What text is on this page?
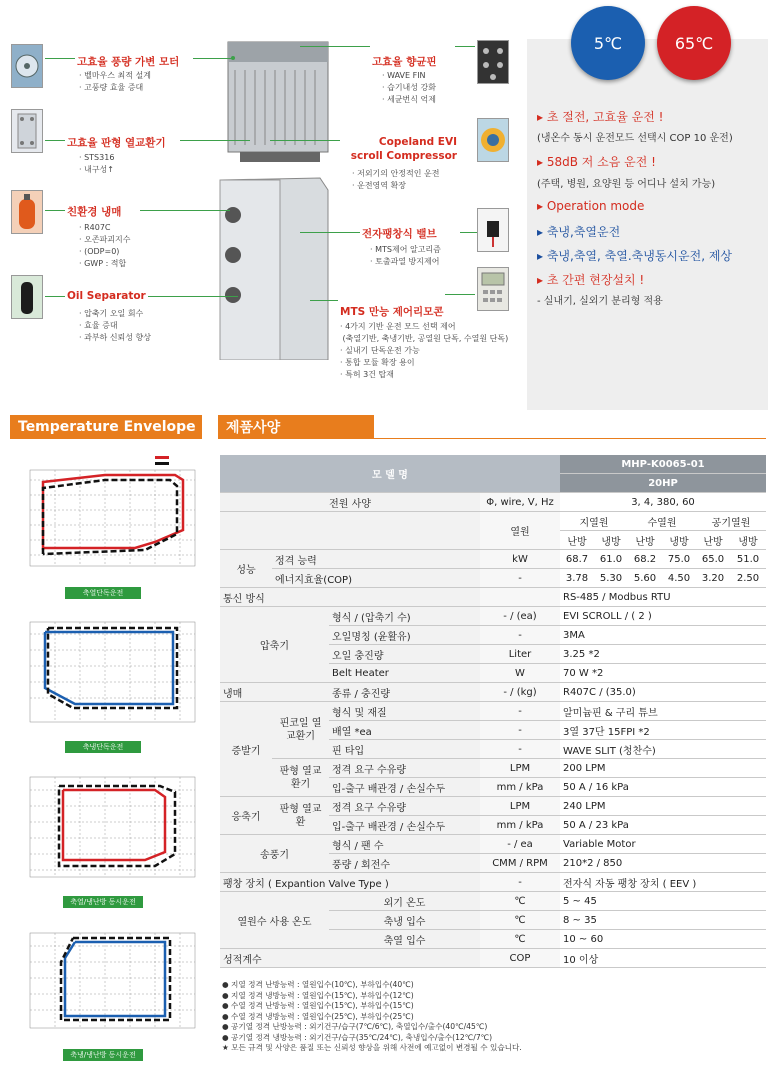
고효율 풍량 가변 모터
· 벨마우스 최적 설계
· 고풍량 효율 증대
고효율 판형 열교환기
· STS316
· 내구성↑
친환경 냉매
· R407C
· 오존파괴지수
· (ODP=0)
· GWP : 적합
Oil Separator
· 압축기 오일 회수
· 효율 증대
· 과부하 신뢰성 향상
고효율 향균핀
· WAVE FIN
· 습기내성 강화
· 세균번식 억제
Copeland EVI scroll Compressor
· 저외기의 안정적인 운전
· 운전영역 확장
전자팽창식 밸브
· MTS제어 알고리즘
· 토출과열 방지제어
MTS 만능 제어리모콘
· 4가지 기반 운전 모드 선택 제어
(축열기반, 축냉기반, 공열원 단독, 수열원 단독)
· 실내기 단독운전 가능
· 통합 모듈 확장 용이
· 특허 3건 탑재
5℃	65℃
▸ 초 절전, 고효율 운전 !
(냉온수 동시 운전모드 선택시 COP 10 운전)
▸ 58dB 저 소음 운전 !
(주택, 병원, 요양원 등 어디나 설치 가능)
▸ Operation mode
▸ 축냉,축열운전
▸ 축냉,축열, 축열.축냉동시운전, 제상
▸ 초 간편 현장설치 !
- 실내기, 실외기 분리형 적용
Temperature Envelope	제품사양
축열단독운전
축냉단독운전
축열/냉난방 동시운전
축냉/냉난방 동시운전
모 델 명				MHP-K0065-01					
				20HP					
전원 사양			Φ, wire, V, Hz	3, 4, 380, 60					
			열원	지열원		수열원		공기열원	
				난방	냉방	난방	냉방	난방	냉방
성능	정격 능력		kW	68.7	61.0	68.2	75.0	65.0	51.0
	에너지효율(COP)		-	3.78	5.30	5.60	4.50	3.20	2.50
통신 방식				RS-485 / Modbus RTU					
압축기		형식 / (압축기 수)	- / (ea)	EVI SCROLL / ( 2 )					
		오일명칭 (윤활유)	-	3MA					
		오일 충진량	Liter	3.25 *2					
		Belt Heater	W	70 W *2					
냉매		종류 / 충진량	- / (kg)	R407C / (35.0)					
증발기	핀코일 열교환기	형식 및 재질	-	알미늄핀 & 구리 튜브					
		배열 *ea	-	3열 37단 15FPI *2					
		핀 타입	-	WAVE SLIT (청찬수)					
	판형 열교환기	정격 요구 수유량	LPM	200 LPM					
		입-출구 배관경 / 손실수두	mm / kPa	50 A / 16 kPa					
응축기	판형 열교환	정격 요구 수유량	LPM	240 LPM					
		입-출구 배관경 / 손실수두	mm / kPa	50 A / 23 kPa					
송풍기		형식 / 팬 수	- / ea	Variable Motor					
		풍량 / 회전수	CMM / RPM	210*2 / 850					
팽창 장치 ( Expantion Valve Type )			-	전자식 자동 팽창 장치 ( EEV )					
열원수 사용 온도		외기 온도	℃	5 ~ 45					
		축냉 입수	℃	8 ~ 35					
		축열 입수	℃	10 ~ 60					
성적계수			COP	10 이상					
● 지열 정격 난방능력 : 열원입수(10℃), 부하입수(40℃)
● 지열 정격 냉방능력 : 열원입수(15℃), 부하입수(12℃)
● 수열 정격 난방능력 : 열원입수(15℃), 부하입수(15℃)
● 수열 정격 냉방능력 : 열원입수(25℃), 부하입수(25℃)
● 공기열 정격 난방능력 : 외기건구/습구(7℃/6℃), 축열입수/출수(40℃/45℃)
● 공기열 정격 냉방능력 : 외기건구/습구(35℃/24℃), 축냉입수/출수(12℃/7℃)
★ 모든 규격 및 사양은 품질 또는 신뢰성 향상을 위해 사전에 예고없이 변경될 수 있습니다.
